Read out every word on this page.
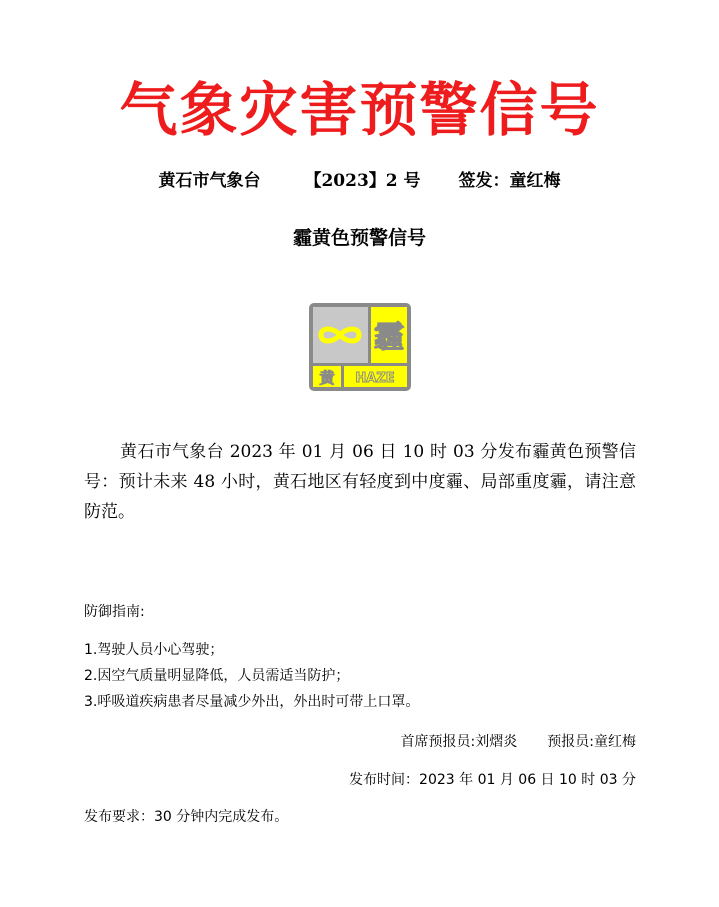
气象灾害预警信号
黄石市气象台	【2023】2 号 签发：童红梅
霾黄色预警信号
霾
黄 HAZE
黄石市气象台 2023 年 01 月 06 日 10 时 03 分发布霾黄色预警信号：预计未来 48 小时，黄石地区有轻度到中度霾、局部重度霾，请注意防范。
防御指南:
1.驾驶人员小心驾驶；
2.因空气质量明显降低，人员需适当防护；
3.呼吸道疾病患者尽量减少外出，外出时可带上口罩。
首席预报员:刘熠炎 预报员:童红梅
发布时间：2023 年 01 月 06 日 10 时 03 分
发布要求：30 分钟内完成发布。
